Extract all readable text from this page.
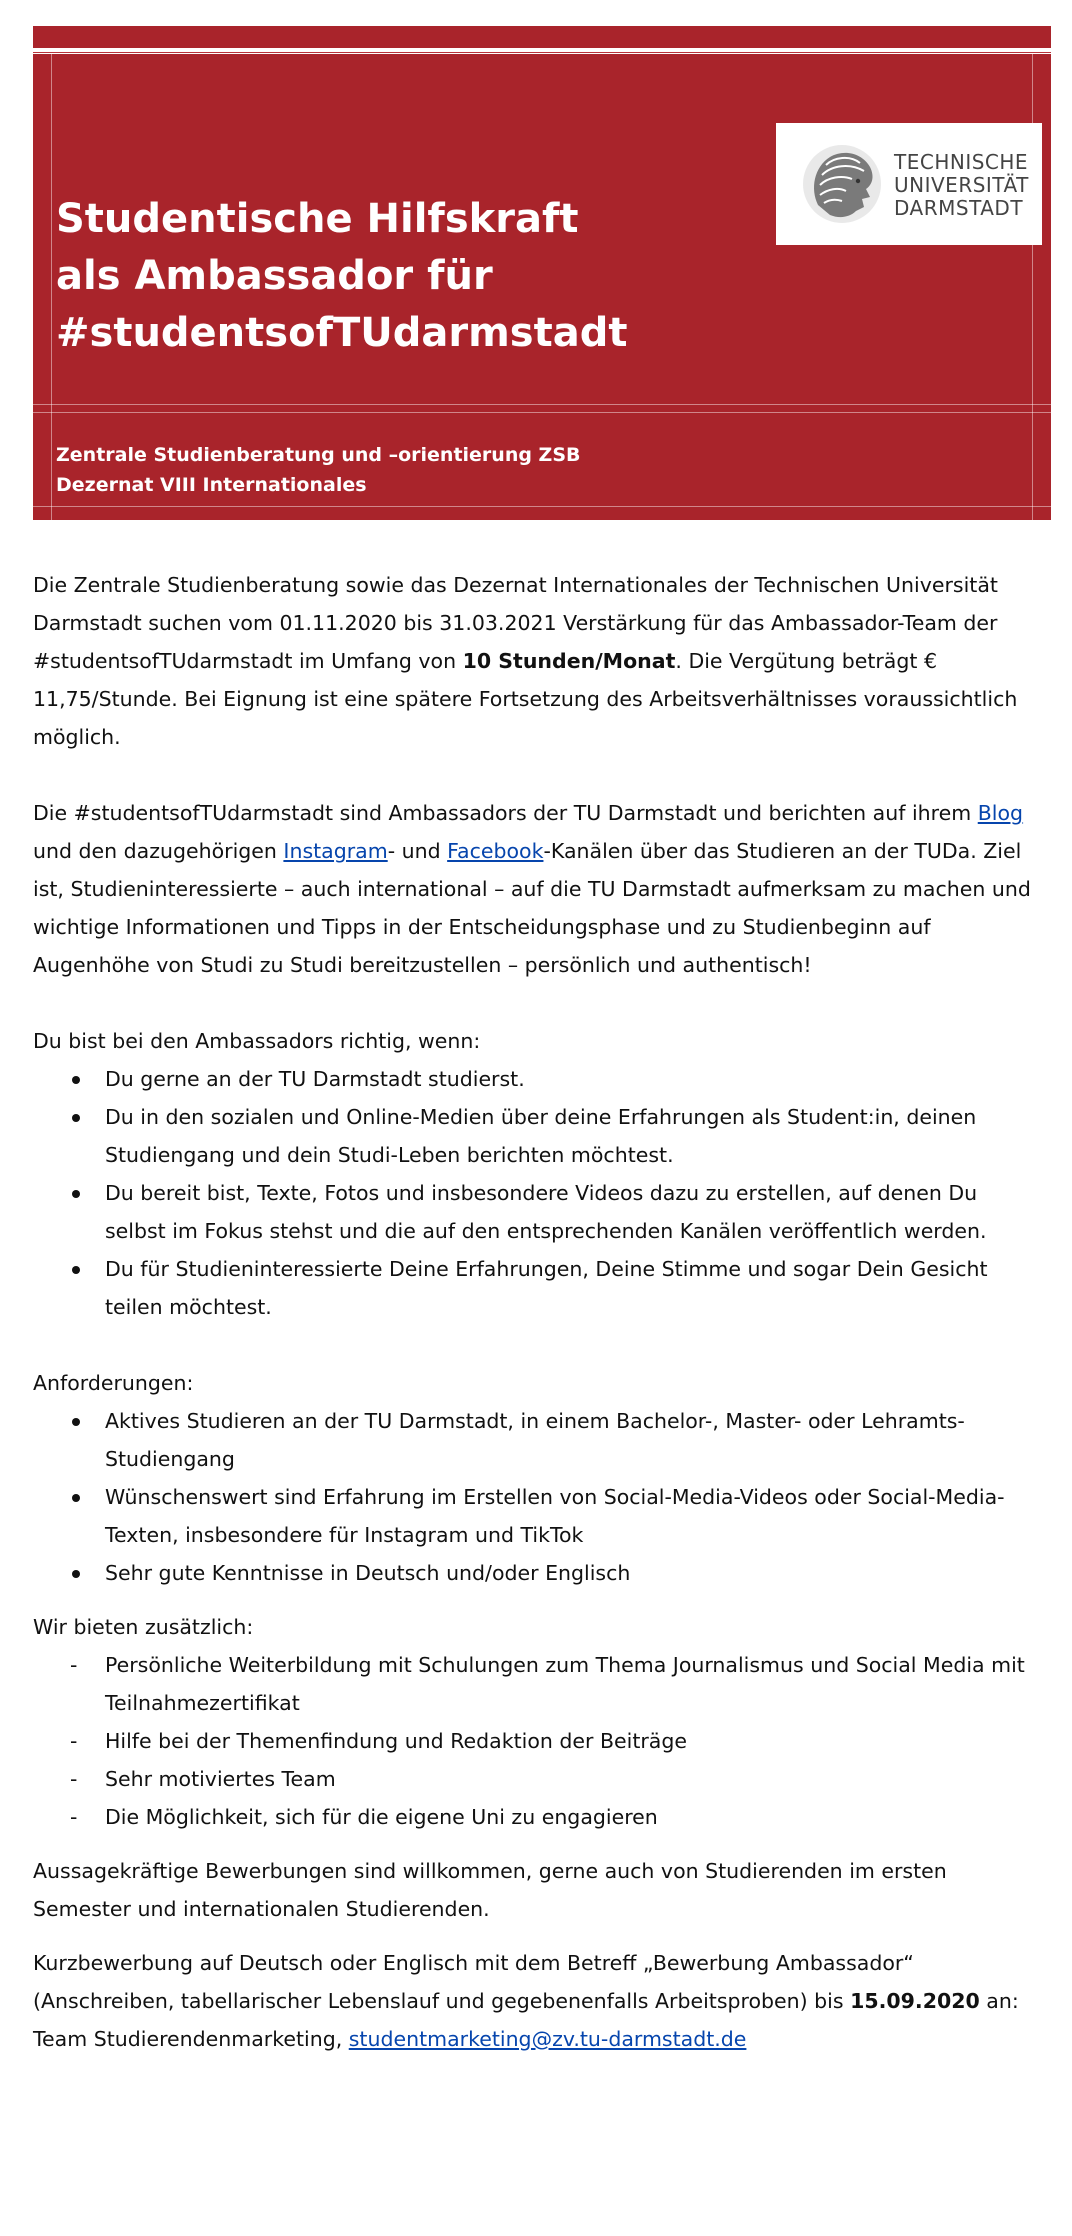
Studentische Hilfskraft
als Ambassador für
#studentsofTUdarmstadt
Zentrale Studienberatung und –orientierung ZSB
Dezernat VIII Internationales
TECHNISCHE
UNIVERSITÄT
DARMSTADT

Die Zentrale Studienberatung sowie das Dezernat Internationales der Technischen Universität Darmstadt suchen vom 01.11.2020 bis 31.03.2021 Verstärkung für das Ambassador-Team der #studentsofTUdarmstadt im Umfang von 10 Stunden/Monat. Die Vergütung beträgt € 11,75/Stunde. Bei Eignung ist eine spätere Fortsetzung des Arbeitsverhältnisses voraussichtlich möglich.

Die #studentsofTUdarmstadt sind Ambassadors der TU Darmstadt und berichten auf ihrem Blog und den dazugehörigen Instagram- und Facebook-Kanälen über das Studieren an der TUDa. Ziel ist, Studieninteressierte – auch international – auf die TU Darmstadt aufmerksam zu machen und wichtige Informationen und Tipps in der Entscheidungsphase und zu Studienbeginn auf Augenhöhe von Studi zu Studi bereitzustellen – persönlich und authentisch!

Du bist bei den Ambassadors richtig, wenn:

Du gerne an der TU Darmstadt studierst.
Du in den sozialen und Online-Medien über deine Erfahrungen als Student:in, deinen Studiengang und dein Studi-Leben berichten möchtest.
Du bereit bist, Texte, Fotos und insbesondere Videos dazu zu erstellen, auf denen Du selbst im Fokus stehst und die auf den entsprechenden Kanälen veröffentlich werden.
Du für Studieninteressierte Deine Erfahrungen, Deine Stimme und sogar Dein Gesicht teilen möchtest.

Anforderungen:

Aktives Studieren an der TU Darmstadt, in einem Bachelor-, Master- oder Lehramts-Studiengang
Wünschenswert sind Erfahrung im Erstellen von Social-Media-Videos oder Social-Media-Texten, insbesondere für Instagram und TikTok
Sehr gute Kenntnisse in Deutsch und/oder Englisch

Wir bieten zusätzlich:

- Persönliche Weiterbildung mit Schulungen zum Thema Journalismus und Social Media mit Teilnahmezertifikat
- Hilfe bei der Themenfindung und Redaktion der Beiträge
- Sehr motiviertes Team
- Die Möglichkeit, sich für die eigene Uni zu engagieren

Aussagekräftige Bewerbungen sind willkommen, gerne auch von Studierenden im ersten Semester und internationalen Studierenden.

Kurzbewerbung auf Deutsch oder Englisch mit dem Betreff „Bewerbung Ambassador“ (Anschreiben, tabellarischer Lebenslauf und gegebenenfalls Arbeitsproben) bis 15.09.2020 an: Team Studierendenmarketing, studentmarketing@zv.tu-darmstadt.de
